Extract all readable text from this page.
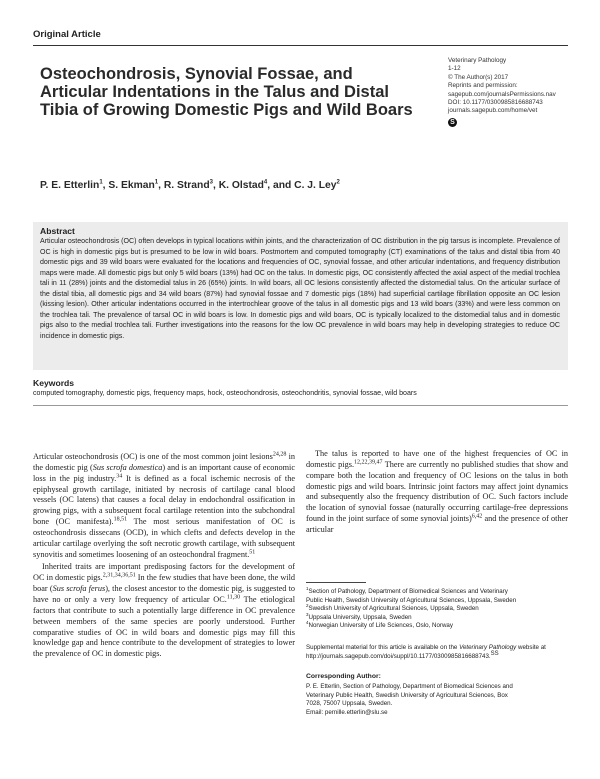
Original Article
Osteochondrosis, Synovial Fossae, and Articular Indentations in the Talus and Distal Tibia of Growing Domestic Pigs and Wild Boars
Veterinary Pathology
1-12
© The Author(s) 2017
Reprints and permission:
sagepub.com/journalsPermissions.nav
DOI: 10.1177/0300985816688743
journals.sagepub.com/home/vet
S
P. E. Etterlin$^1$, S. Ekman$^1$, R. Strand$^3$, K. Olstad$^4$, and C. J. Ley$^2$
Abstract
Articular osteochondrosis (OC) often develops in typical locations within joints, and the characterization of OC distribution in the pig tarsus is incomplete. Prevalence of OC is high in domestic pigs but is presumed to be low in wild boars. Postmortem and computed tomography (CT) examinations of the talus and distal tibia from 40 domestic pigs and 39 wild boars were evaluated for the locations and frequencies of OC, synovial fossae, and other articular indentations, and frequency distribution maps were made. All domestic pigs but only 5 wild boars (13%) had OC on the talus. In domestic pigs, OC consistently affected the axial aspect of the medial trochlea tali in 11 (28%) joints and the distomedial talus in 26 (65%) joints. In wild boars, all OC lesions consistently affected the distomedial talus. On the articular surface of the distal tibia, all domestic pigs and 34 wild boars (87%) had synovial fossae and 7 domestic pigs (18%) had superficial cartilage fibrillation opposite an OC lesion (kissing lesion). Other articular indentations occurred in the intertrochlear groove of the talus in all domestic pigs and 13 wild boars (33%) and were less common on the trochlea tali. The prevalence of tarsal OC in wild boars is low. In domestic pigs and wild boars, OC is typically localized to the distomedial talus and in domestic pigs also to the medial trochlea tali. Further investigations into the reasons for the low OC prevalence in wild boars may help in developing strategies to reduce OC incidence in domestic pigs.
Keywords
computed tomography, domestic pigs, frequency maps, hock, osteochondrosis, osteochondritis, synovial fossae, wild boars

Articular osteochondrosis (OC) is one of the most common joint lesions$^{24,28}$ in the domestic pig (Sus scrofa domestica) and is an important cause of economic loss in the pig industry.$^{34}$ It is defined as a focal ischemic necrosis of the epiphyseal growth cartilage, initiated by necrosis of cartilage canal blood vessels (OC latens) that causes a focal delay in endochondral ossification in growing pigs, with a subsequent focal cartilage retention into the subchondral bone (OC manifesta).$^{18,51}$ The most serious manifestation of OC is osteochondrosis dissecans (OCD), in which clefts and defects develop in the articular cartilage overlying the soft necrotic growth cartilage, with subsequent synovitis and sometimes loosening of an osteochondral fragment.$^{51}$

Inherited traits are important predisposing factors for the development of OC in domestic pigs.$^{2,31,34,36,51}$ In the few studies that have been done, the wild boar (Sus scrofa ferus), the closest ancestor to the domestic pig, is suggested to have no or only a very low frequency of articular OC.$^{11,30}$ The etiological factors that contribute to such a potentially large difference in OC prevalence between members of the same species are poorly understood. Further comparative studies of OC in wild boars and domestic pigs may fill this knowledge gap and hence contribute to the development of strategies to lower the prevalence of OC in domestic pigs.

The talus is reported to have one of the highest frequencies of OC in domestic pigs.$^{12,22,39,47}$ There are currently no published studies that show and compare both the location and frequency of OC lesions on the talus in both domestic pigs and wild boars. Intrinsic joint factors may affect joint dynamics and subsequently also the frequency distribution of OC. Such factors include the location of synovial fossae (naturally occurring cartilage-free depressions found in the joint surface of some synovial joints)$^{6,42}$ and the presence of other articular

$^1$Section of Pathology, Department of Biomedical Sciences and Veterinary
Public Health, Swedish University of Agricultural Sciences, Uppsala, Sweden
$^2$Swedish University of Agricultural Sciences, Uppsala, Sweden
$^3$Uppsala University, Uppsala, Sweden
$^4$Norwegian University of Life Sciences, Oslo, Norway
Supplemental material for this article is available on the Veterinary Pathology website at http://journals.sagepub.com/doi/suppl/10.1177/0300985816688743.$^{SS}$
Corresponding Author:
P. E. Etterlin, Section of Pathology, Department of Biomedical Sciences and
Veterinary Public Health, Swedish University of Agricultural Sciences, Box
7028, 75007 Uppsala, Sweden.
Email: pernille.etterlin@slu.se
